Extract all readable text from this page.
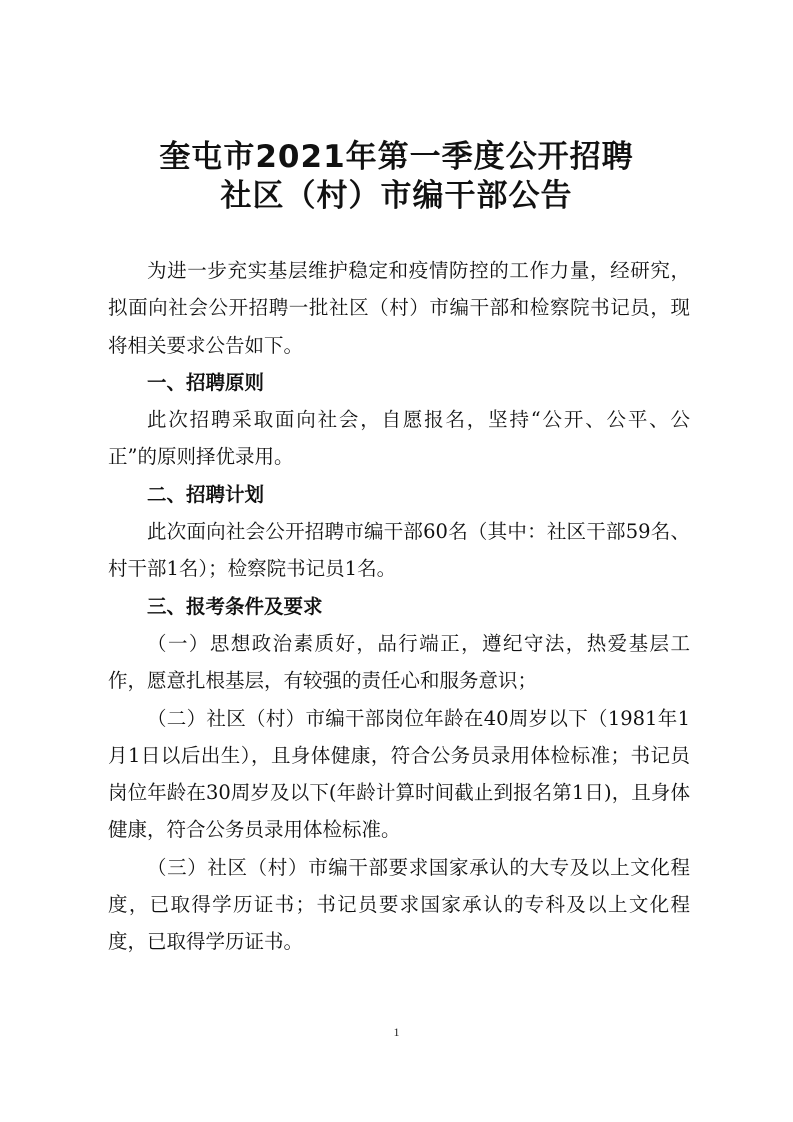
奎屯市2021年第一季度公开招聘
社区（村）市编干部公告

为进一步充实基层维护稳定和疫情防控的工作力量，经研究，拟面向社会公开招聘一批社区（村）市编干部和检察院书记员，现将相关要求公告如下。

一、招聘原则

此次招聘采取面向社会，自愿报名，坚持“公开、公平、公正”的原则择优录用。

二、招聘计划

此次面向社会公开招聘市编干部60名（其中：社区干部59名、村干部1名）；检察院书记员1名。

三、报考条件及要求

（一）思想政治素质好，品行端正，遵纪守法，热爱基层工作，愿意扎根基层，有较强的责任心和服务意识；

（二）社区（村）市编干部岗位年龄在40周岁以下（1981年1月1日以后出生），且身体健康，符合公务员录用体检标准；书记员岗位年龄在30周岁及以下(年龄计算时间截止到报名第1日)，且身体健康，符合公务员录用体检标准。

（三）社区（村）市编干部要求国家承认的大专及以上文化程度，已取得学历证书；书记员要求国家承认的专科及以上文化程度，已取得学历证书。

1
